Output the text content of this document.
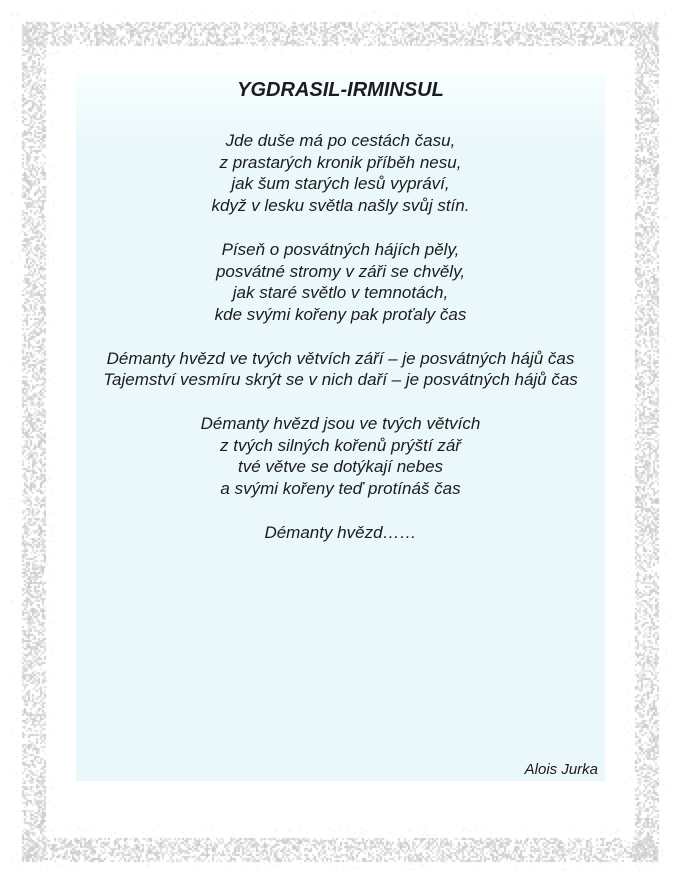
YGDRASIL-IRMINSUL

Jde duše má po cestách času,

z prastarých kronik příběh nesu,

jak šum starých lesů vypráví,

když v lesku světla našly svůj stín.

Píseň o posvátných hájích pěly,

posvátné stromy v záři se chvěly,

jak staré světlo v temnotách,

kde svými kořeny pak proťaly čas

Démanty hvězd ve tvých větvích září – je posvátných hájů čas

Tajemství vesmíru skrýt se v nich daří – je posvátných hájů čas

Démanty hvězd jsou ve tvých větvích

z tvých silných kořenů prýští zář

tvé větve se dotýkají nebes

a svými kořeny teď protínáš čas

Démanty hvězd……

Alois Jurka
